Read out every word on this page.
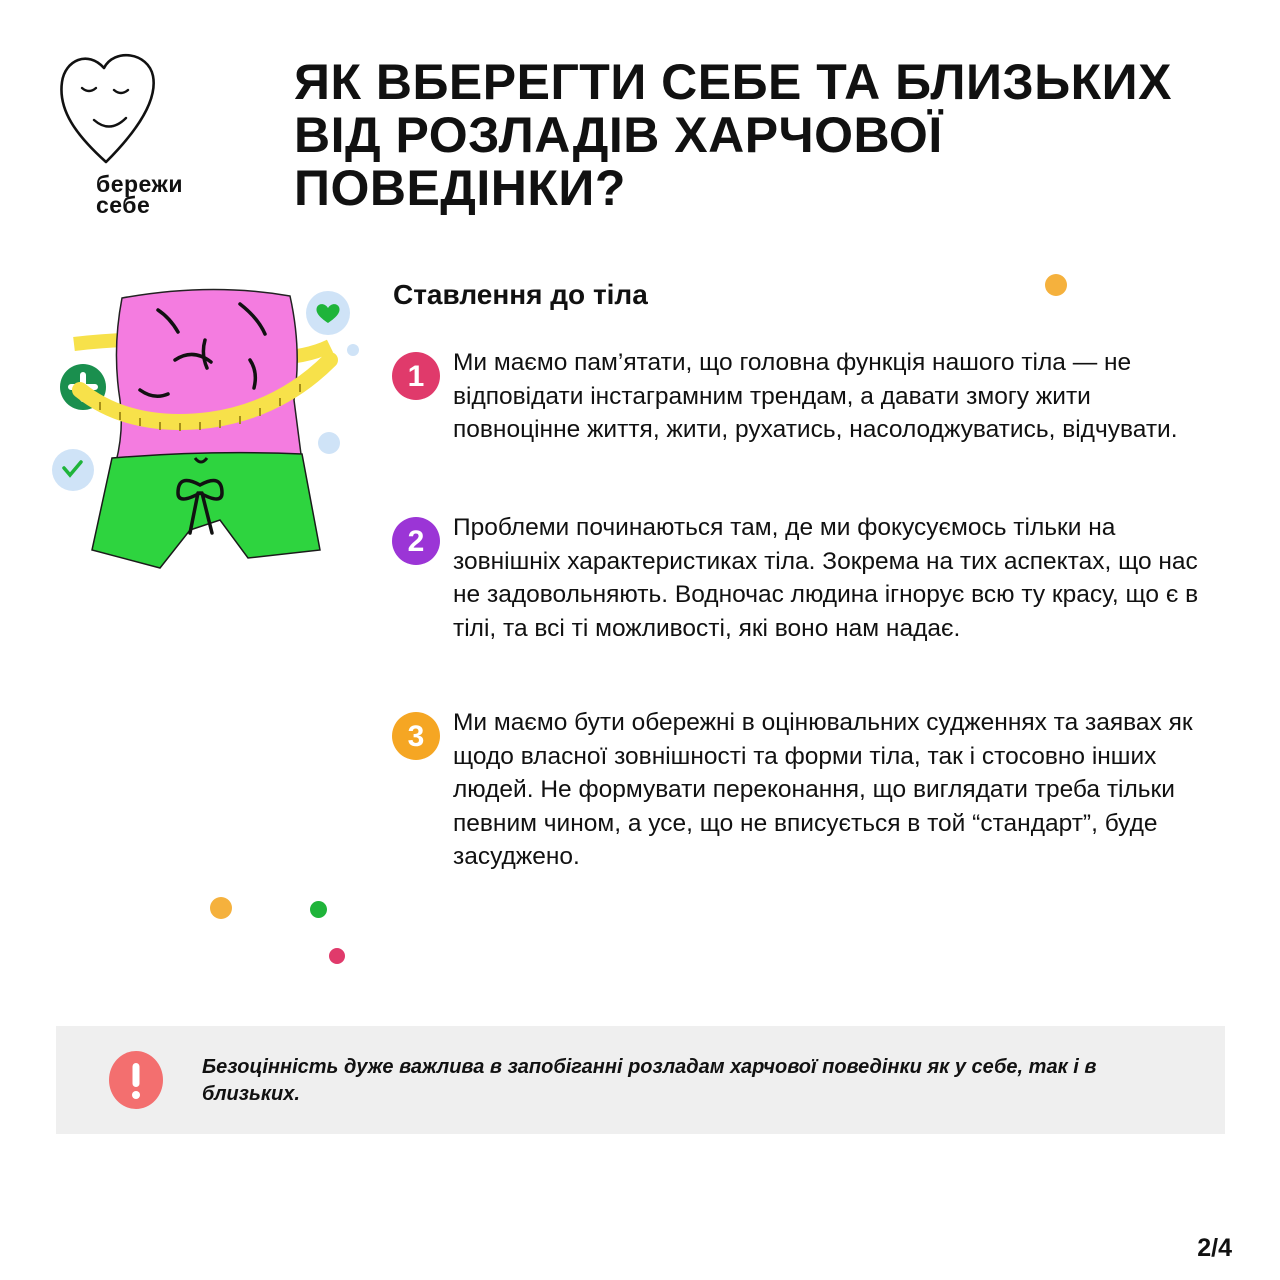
бережи
себе
ЯК ВБЕРЕГТИ СЕБЕ ТА БЛИЗЬКИХ ВІД РОЗЛАДІВ ХАРЧОВОЇ ПОВЕДІНКИ?
Ставлення до тіла
1 Ми маємо пам’ятати, що головна функція нашого тіла — не відповідати інстаграмним трендам, а давати змогу жити повноцінне життя, жити, рухатись, насолоджуватись, відчувати.
2 Проблеми починаються там, де ми фокусуємось тільки на зовнішніх характеристиках тіла. Зокрема на тих аспектах, що нас не задовольняють. Водночас людина ігнорує всю ту красу, що є в тілі, та всі ті можливості, які воно нам надає.
3 Ми маємо бути обережні в оцінювальних судженнях та заявах як щодо власної зовнішності та форми тіла, так і стосовно інших людей. Не формувати переконання, що виглядати треба тільки певним чином, а усе, що не вписується в той “стандарт”, буде засуджено.
Безоцінність дуже важлива в запобіганні розладам харчової поведінки як у себе, так і в близьких.
2/4
